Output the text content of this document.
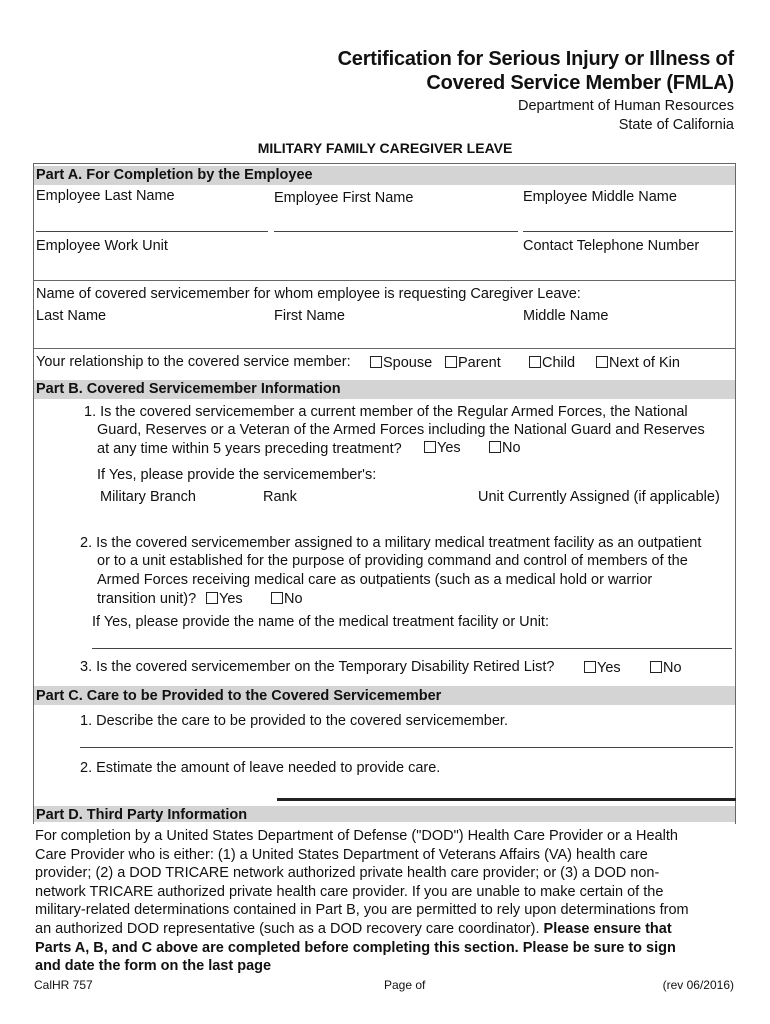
Certification for Serious Injury or Illness of
Covered Service Member (FMLA)
Department of Human Resources
State of California
MILITARY FAMILY CAREGIVER LEAVE
Part A. For Completion by the Employee
Employee Last Name	Employee First Name	Employee Middle Name
Employee Work Unit	Contact Telephone Number
Name of covered servicemember for whom employee is requesting Caregiver Leave:
Last Name	First Name	Middle Name
Your relationship to the covered service member:	Spouse	Parent	Child	Next of Kin
Part B. Covered Servicemember Information
1. Is the covered servicemember a current member of the Regular Armed Forces, the National
Guard, Reserves or a Veteran of the Armed Forces including the National Guard and Reserves
at any time within 5 years preceding treatment?	Yes	No
If Yes, please provide the servicemember's:
Military Branch	Rank	Unit Currently Assigned (if applicable)
2. Is the covered servicemember assigned to a military medical treatment facility as an outpatient
or to a unit established for the purpose of providing command and control of members of the
Armed Forces receiving medical care as outpatients (such as a medical hold or warrior
transition unit)?	Yes	No
If Yes, please provide the name of the medical treatment facility or Unit:
3. Is the covered servicemember on the Temporary Disability Retired List?	Yes	No
Part C. Care to be Provided to the Covered Servicemember
1. Describe the care to be provided to the covered servicemember.
2. Estimate the amount of leave needed to provide care.
Part D. Third Party Information
For completion by a United States Department of Defense ("DOD") Health Care Provider or a Health
Care Provider who is either: (1) a United States Department of Veterans Affairs (VA) health care
provider; (2) a DOD TRICARE network authorized private health care provider; or (3) a DOD non-
network TRICARE authorized private health care provider. If you are unable to make certain of the
military-related determinations contained in Part B, you are permitted to rely upon determinations from
an authorized DOD representative (such as a DOD recovery care coordinator). Please ensure that
Parts A, B, and C above are completed before completing this section. Please be sure to sign
and date the form on the last page
CalHR 757	Page of	(rev 06/2016)
